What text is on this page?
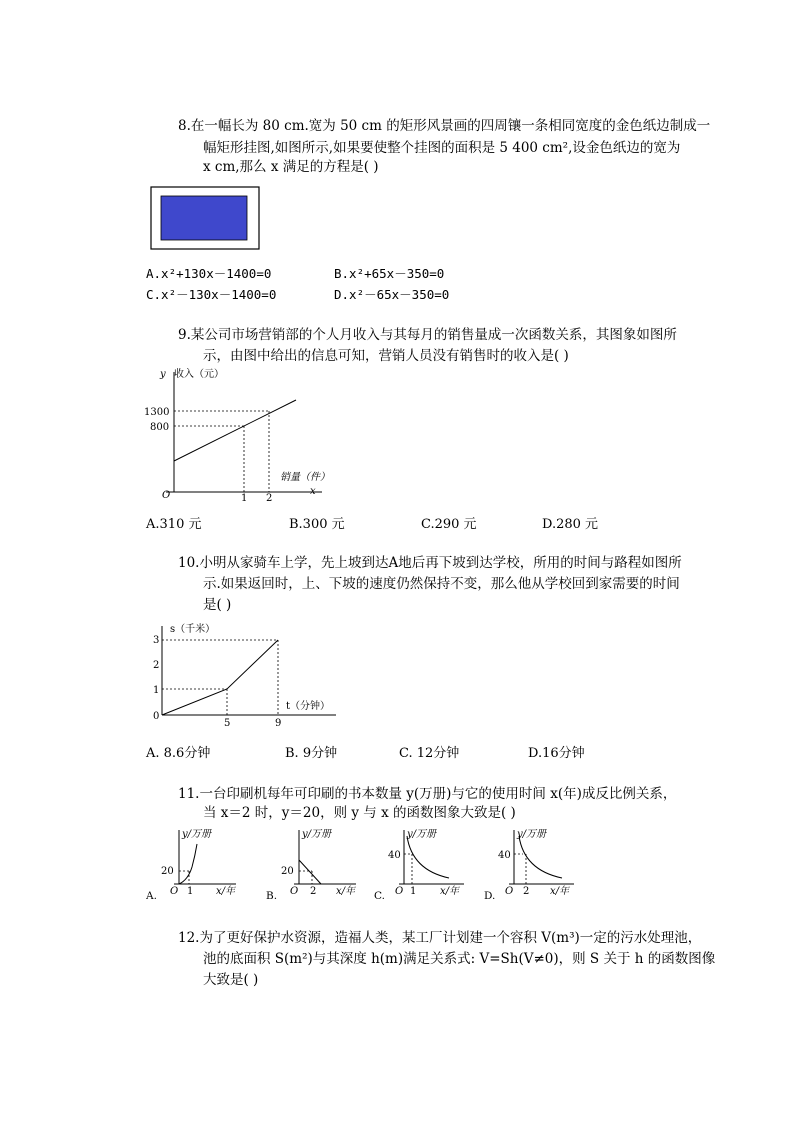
8.在一幅长为 80 cm.宽为 50 cm 的矩形风景画的四周镶一条相同宽度的金色纸边制成一
幅矩形挂图,如图所示,如果要使整个挂图的面积是 5 400 cm²,设金色纸边的宽为
x cm,那么 x 满足的方程是( )
A.x²+130x－1400=0	B.x²+65x－350=0
C.x²－130x－1400=0	D.x²－65x－350=0
9.某公司市场营销部的个人月收入与其每月的销售量成一次函数关系，其图象如图所
示，由图中给出的信息可知，营销人员没有销售时的收入是( )
y 收入（元）
1300
800
销量（件）
x
O	1 2
A.310 元	B.300 元	C.290 元	D.280 元
10.小明从家骑车上学，先上坡到达A地后再下坡到达学校，所用的时间与路程如图所
示.如果返回时，上、下坡的速度仍然保持不变，那么他从学校回到家需要的时间
是( )
s（千米）
3
2
1
0
t（分钟）
5	9
A. 8.6分钟	B. 9分钟	C. 12分钟	D.16分钟
11.一台印刷机每年可印刷的书本数量 y(万册)与它的使用时间 x(年)成反比例关系，
当 x＝2 时，y＝20，则 y 与 x 的函数图象大致是( )
y/万册
20
O 1 x/年
A.
y/万册
20
O 2 x/年
B.
y/万册
40
O 1 x/年
C.
y/万册
40
O 2 x/年
D.
12.为了更好保护水资源，造福人类，某工厂计划建一个容积 V(m³)一定的污水处理池，
池的底面积 S(m²)与其深度 h(m)满足关系式: V=Sh(V≠0)，则 S 关于 h 的函数图像
大致是( )
